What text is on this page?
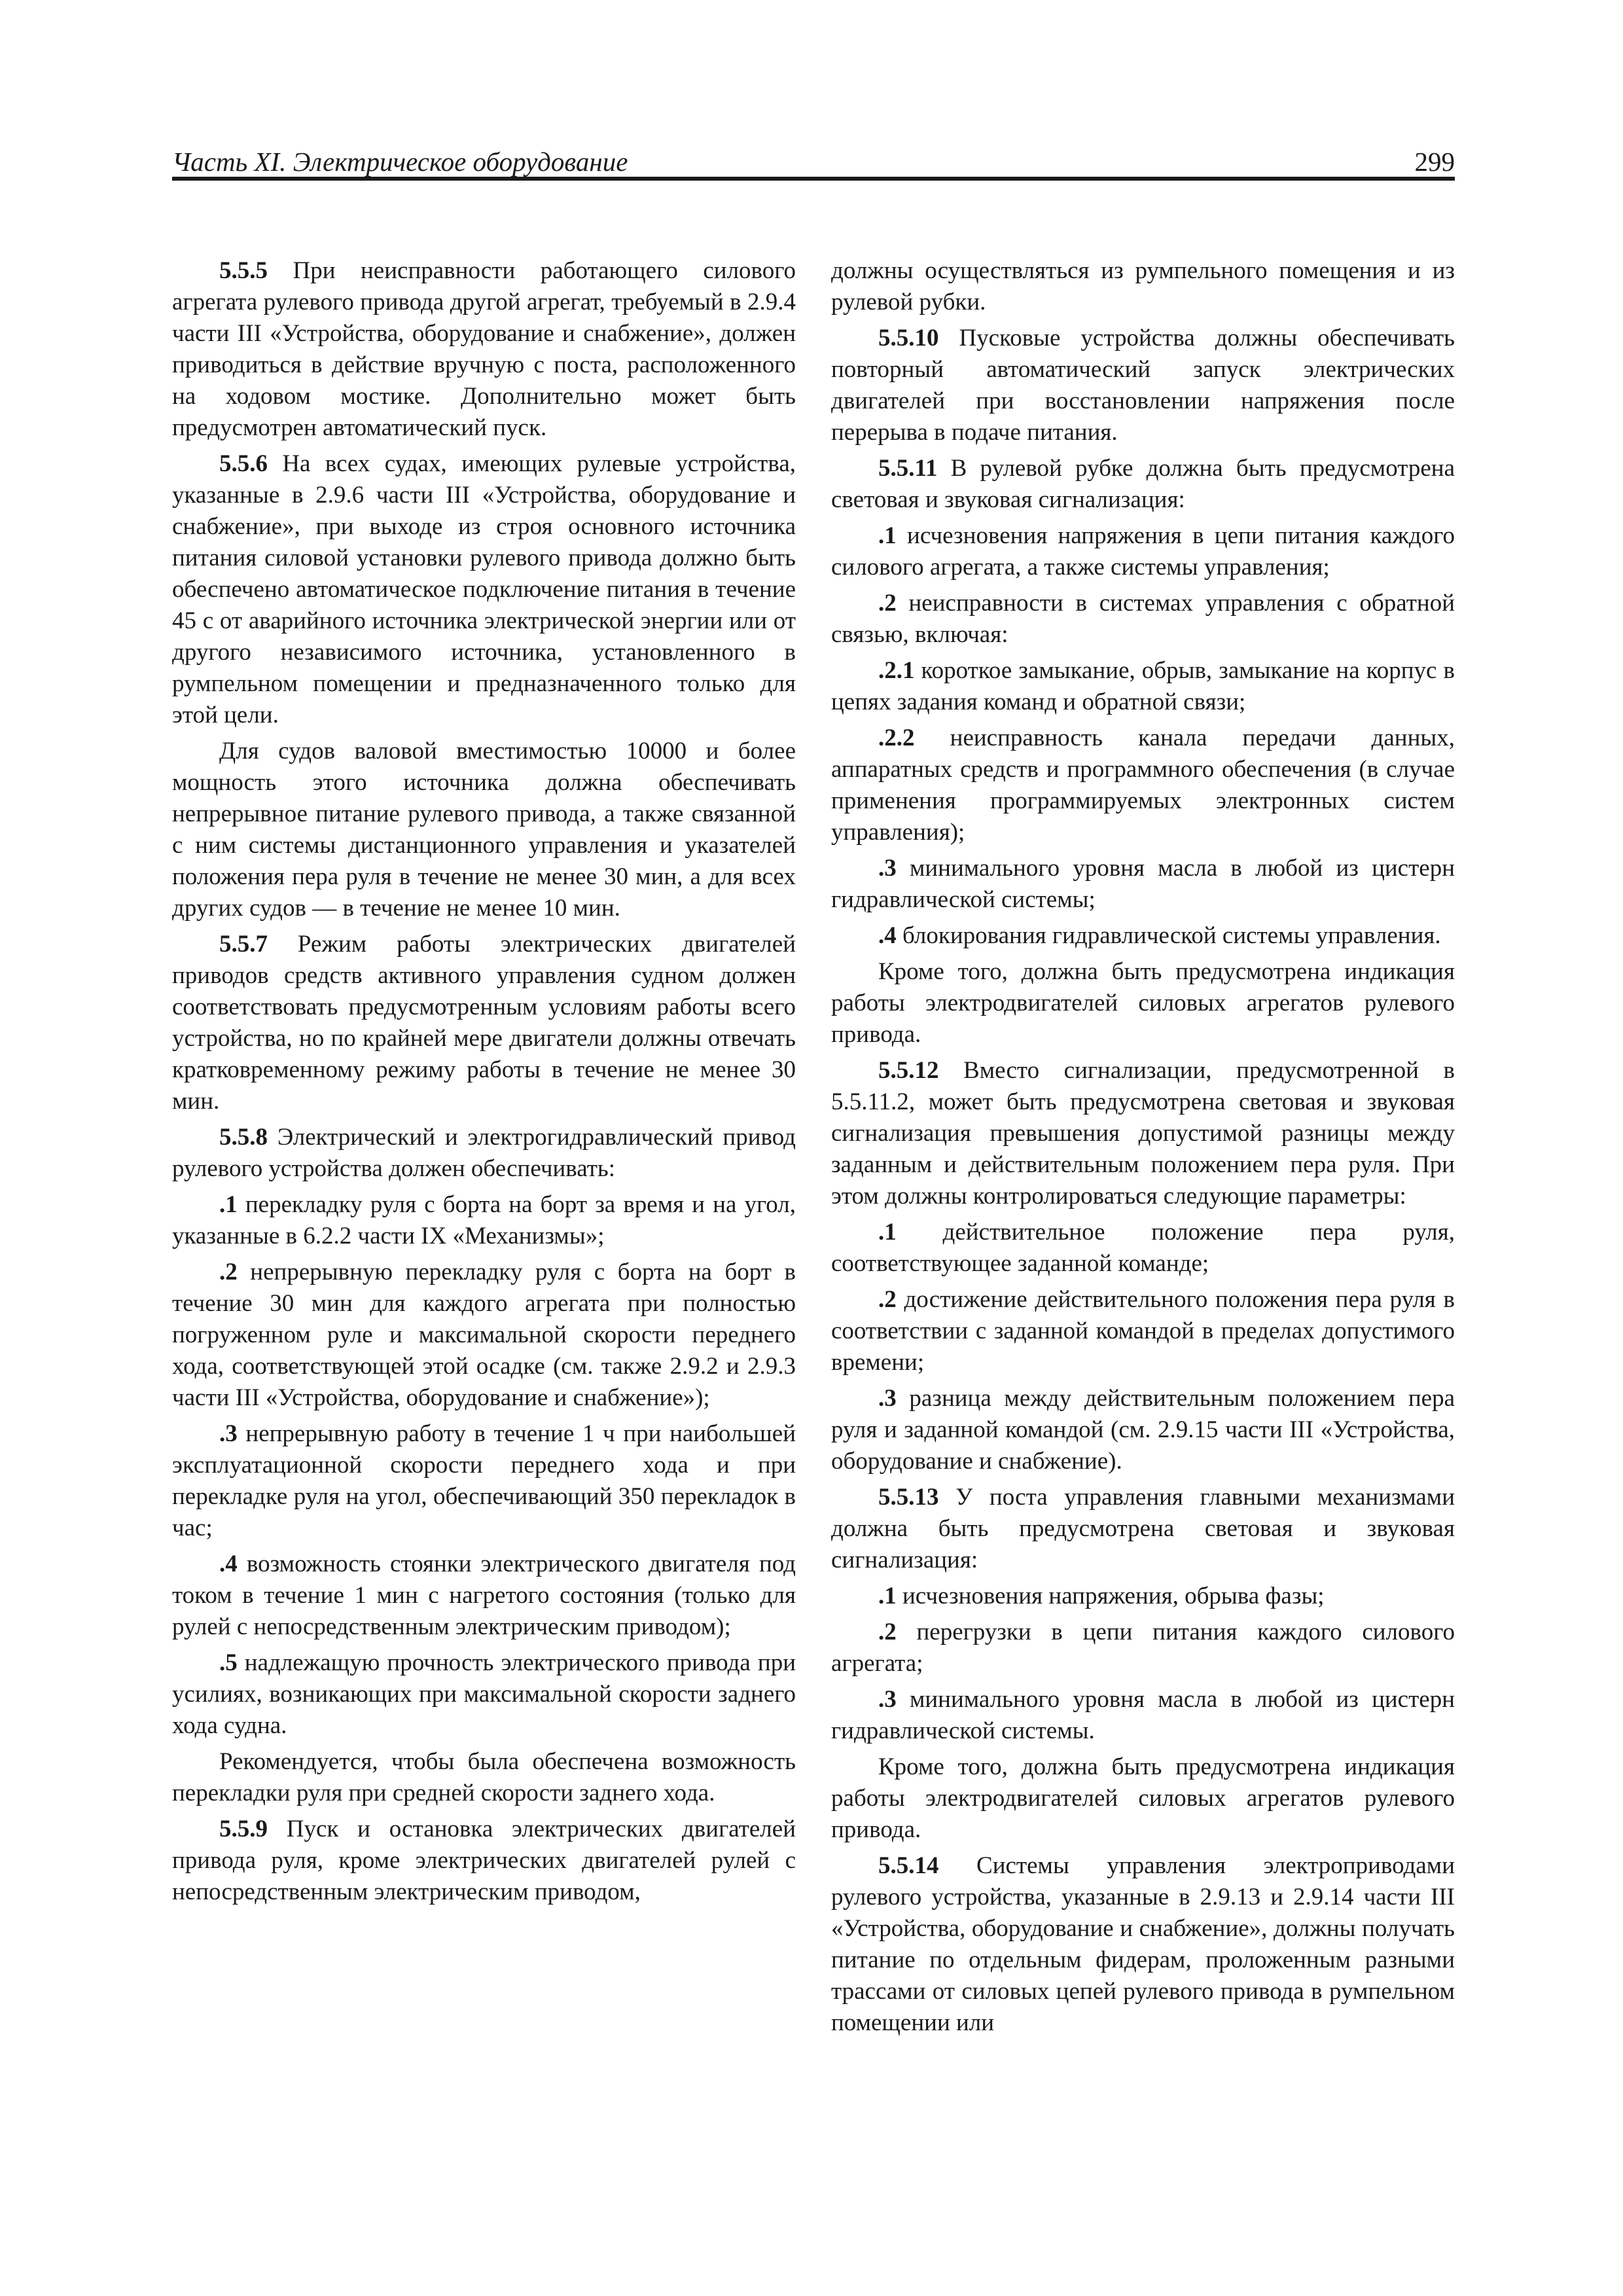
Часть XI. Электрическое оборудование	299

5.5.5 При неисправности работающего силового агрегата рулевого привода другой агрегат, требуемый в 2.9.4 части III «Устройства, оборудование и снабжение», должен приводиться в действие вручную с поста, расположенного на ходовом мостике. Дополнительно может быть предусмотрен автоматический пуск.

5.5.6 На всех судах, имеющих рулевые устройства, указанные в 2.9.6 части III «Устройства, оборудование и снабжение», при выходе из строя основного источника питания силовой установки рулевого привода должно быть обеспечено автоматическое подключение питания в течение 45 с от аварийного источника электрической энергии или от другого независимого источника, установленного в румпельном помещении и предназначенного только для этой цели.

Для судов валовой вместимостью 10000 и более мощность этого источника должна обеспечивать непрерывное питание рулевого привода, а также связанной с ним системы дистанционного управления и указателей положения пера руля в течение не менее 30 мин, а для всех других судов — в течение не менее 10 мин.

5.5.7 Режим работы электрических двигателей приводов средств активного управления судном должен соответствовать предусмотренным условиям работы всего устройства, но по крайней мере двигатели должны отвечать кратковременному режиму работы в течение не менее 30 мин.

5.5.8 Электрический и электрогидравлический привод рулевого устройства должен обеспечивать:

.1 перекладку руля с борта на борт за время и на угол, указанные в 6.2.2 части IX «Механизмы»;

.2 непрерывную перекладку руля с борта на борт в течение 30 мин для каждого агрегата при полностью погруженном руле и максимальной скорости переднего хода, соответствующей этой осадке (см. также 2.9.2 и 2.9.3 части III «Устройства, оборудование и снабжение»);

.3 непрерывную работу в течение 1 ч при наибольшей эксплуатационной скорости переднего хода и при перекладке руля на угол, обеспечивающий 350 перекладок в час;

.4 возможность стоянки электрического двигателя под током в течение 1 мин с нагретого состояния (только для рулей с непосредственным электрическим приводом);

.5 надлежащую прочность электрического привода при усилиях, возникающих при максимальной скорости заднего хода судна.

Рекомендуется, чтобы была обеспечена возможность перекладки руля при средней скорости заднего хода.

5.5.9 Пуск и остановка электрических двигателей привода руля, кроме электрических двигателей рулей с непосредственным электрическим приводом,

должны осуществляться из румпельного помещения и из рулевой рубки.

5.5.10 Пусковые устройства должны обеспечивать повторный автоматический запуск электрических двигателей при восстановлении напряжения после перерыва в подаче питания.

5.5.11 В рулевой рубке должна быть предусмотрена световая и звуковая сигнализация:

.1 исчезновения напряжения в цепи питания каждого силового агрегата, а также системы управления;

.2 неисправности в системах управления с обратной связью, включая:

.2.1 короткое замыкание, обрыв, замыкание на корпус в цепях задания команд и обратной связи;

.2.2 неисправность канала передачи данных, аппаратных средств и программного обеспечения (в случае применения программируемых электронных систем управления);

.3 минимального уровня масла в любой из цистерн гидравлической системы;

.4 блокирования гидравлической системы управления.

Кроме того, должна быть предусмотрена индикация работы электродвигателей силовых агрегатов рулевого привода.

5.5.12 Вместо сигнализации, предусмотренной в 5.5.11.2, может быть предусмотрена световая и звуковая сигнализация превышения допустимой разницы между заданным и действительным положением пера руля. При этом должны контролироваться следующие параметры:

.1 действительное положение пера руля, соответствующее заданной команде;

.2 достижение действительного положения пера руля в соответствии с заданной командой в пределах допустимого времени;

.3 разница между действительным положением пера руля и заданной командой (см. 2.9.15 части III «Устройства, оборудование и снабжение).

5.5.13 У поста управления главными механизмами должна быть предусмотрена световая и звуковая сигнализация:

.1 исчезновения напряжения, обрыва фазы;

.2 перегрузки в цепи питания каждого силового агрегата;

.3 минимального уровня масла в любой из цистерн гидравлической системы.

Кроме того, должна быть предусмотрена индикация работы электродвигателей силовых агрегатов рулевого привода.

5.5.14 Системы управления электроприводами рулевого устройства, указанные в 2.9.13 и 2.9.14 части III «Устройства, оборудование и снабжение», должны получать питание по отдельным фидерам, проложенным разными трассами от силовых цепей рулевого привода в румпельном помещении или
